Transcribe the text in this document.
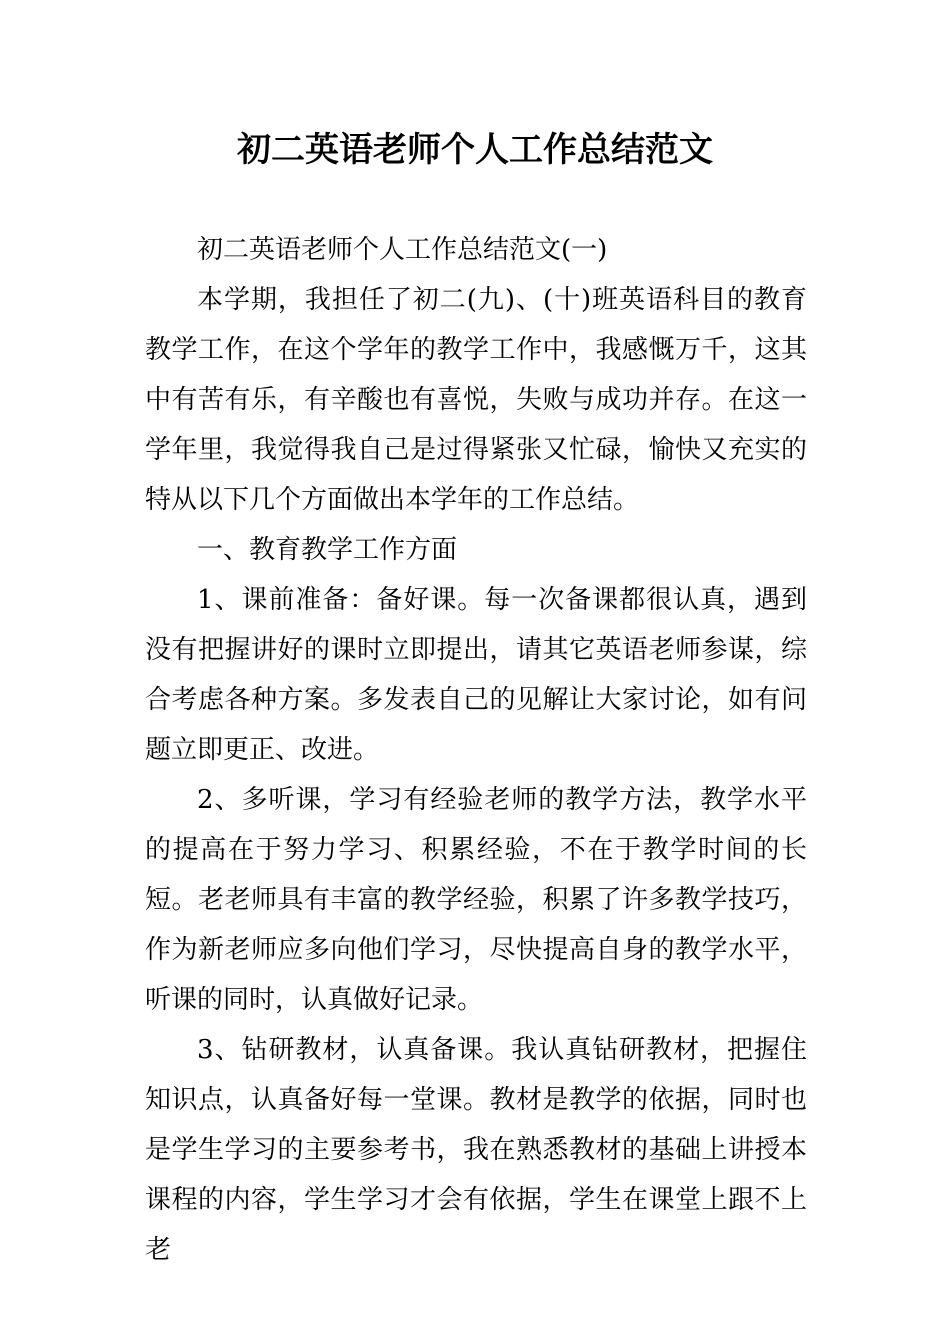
初二英语老师个人工作总结范文

初二英语老师个人工作总结范文(一)

本学期，我担任了初二(九)、(十)班英语科目的教育教学工作，在这个学年的教学工作中，我感慨万千，这其中有苦有乐，有辛酸也有喜悦，失败与成功并存。在这一学年里，我觉得我自己是过得紧张又忙碌，愉快又充实的特从以下几个方面做出本学年的工作总结。

一、教育教学工作方面

1、课前准备：备好课。每一次备课都很认真，遇到没有把握讲好的课时立即提出，请其它英语老师参谋，综合考虑各种方案。多发表自己的见解让大家讨论，如有问题立即更正、改进。

2、多听课，学习有经验老师的教学方法，教学水平的提高在于努力学习、积累经验，不在于教学时间的长短。老老师具有丰富的教学经验，积累了许多教学技巧，作为新老师应多向他们学习，尽快提高自身的教学水平，听课的同时，认真做好记录。

3、钻研教材，认真备课。我认真钻研教材，把握住知识点，认真备好每一堂课。教材是教学的依据，同时也是学生学习的主要参考书，我在熟悉教材的基础上讲授本课程的内容，学生学习才会有依据，学生在课堂上跟不上老
